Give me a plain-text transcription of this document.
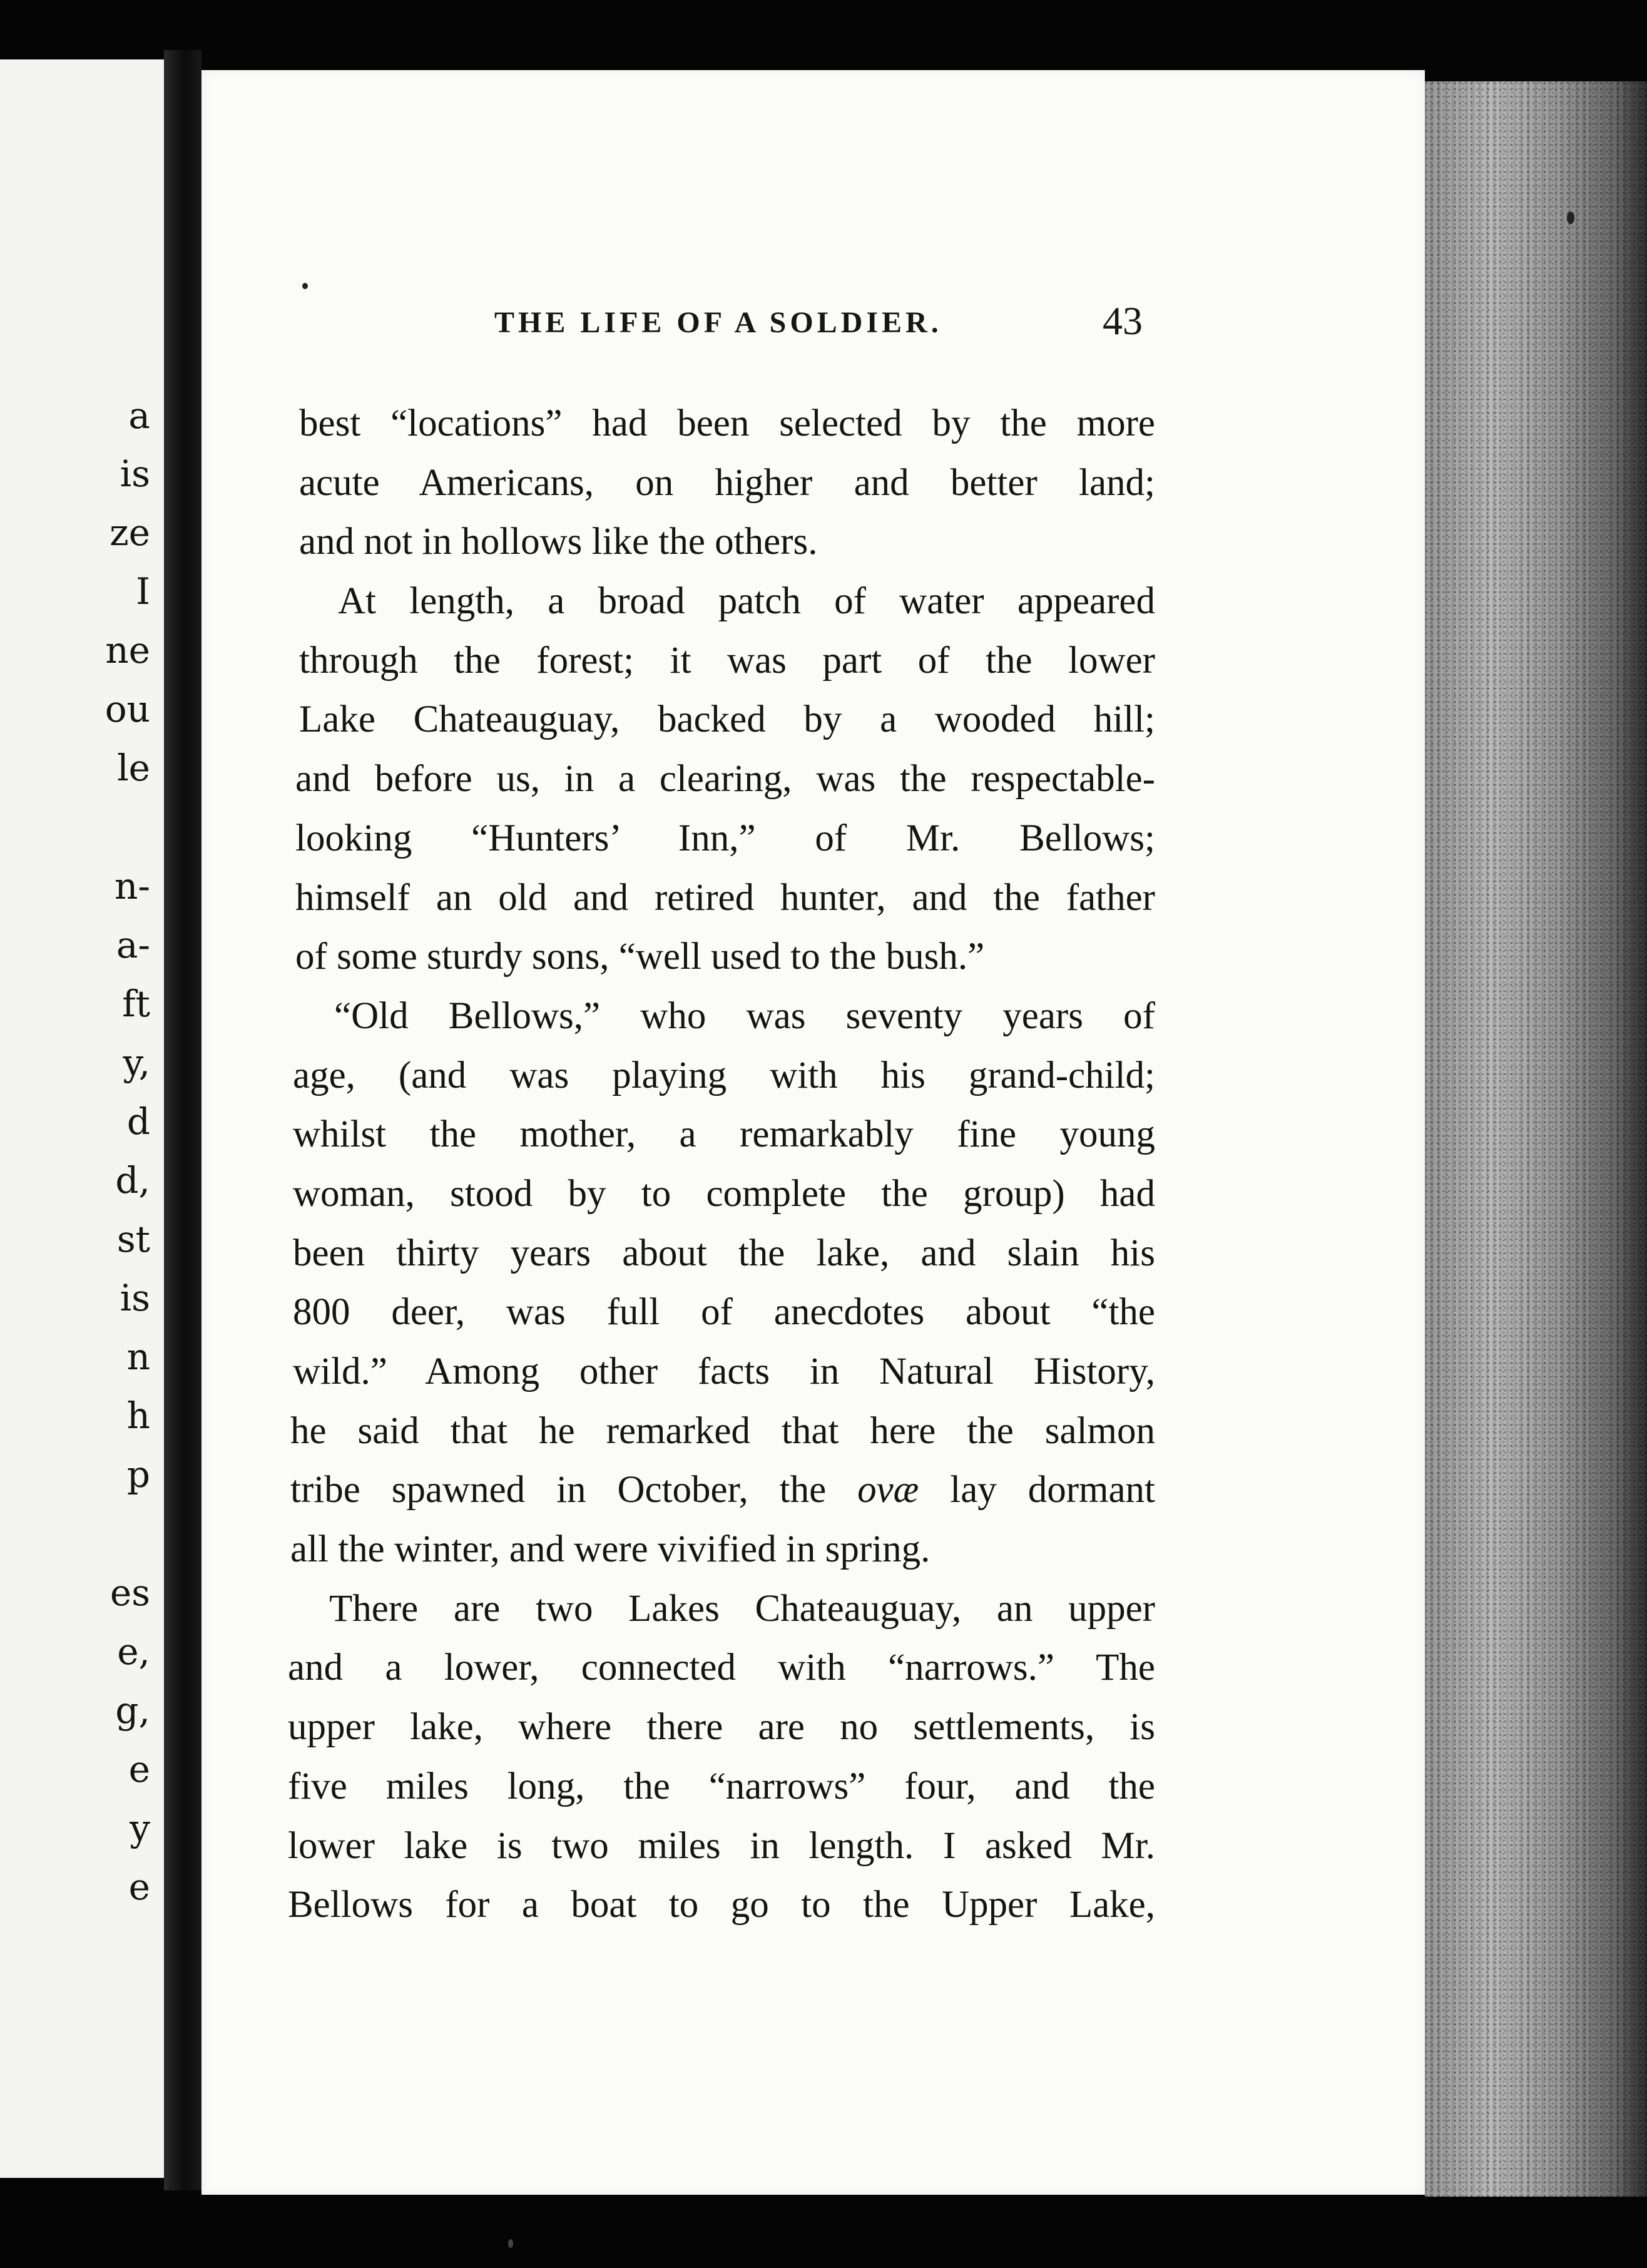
a
is
ze
I
ne
ou
le
n-
a-
ft
y,
d
d,
st
is
n
h
p
es
e,
g,
e
y
e
THE LIFE OF A SOLDIER.	43
best “locations” had been selected by the more
acute Americans, on higher and better land;
and not in hollows like the others.
At length, a broad patch of water appeared
through the forest; it was part of the lower
Lake Chateauguay, backed by a wooded hill;
and before us, in a clearing, was the respectable-
looking “Hunters’ Inn,” of Mr. Bellows;
himself an old and retired hunter, and the father
of some sturdy sons, “well used to the bush.”
“Old Bellows,” who was seventy years of
age, (and was playing with his grand-child;
whilst the mother, a remarkably fine young
woman, stood by to complete the group) had
been thirty years about the lake, and slain his
800 deer, was full of anecdotes about “the
wild.” Among other facts in Natural History,
he said that he remarked that here the salmon
tribe spawned in October, the ovæ lay dormant
all the winter, and were vivified in spring.
There are two Lakes Chateauguay, an upper
and a lower, connected with “narrows.” The
upper lake, where there are no settlements, is
five miles long, the “narrows” four, and the
lower lake is two miles in length. I asked Mr.
Bellows for a boat to go to the Upper Lake,
